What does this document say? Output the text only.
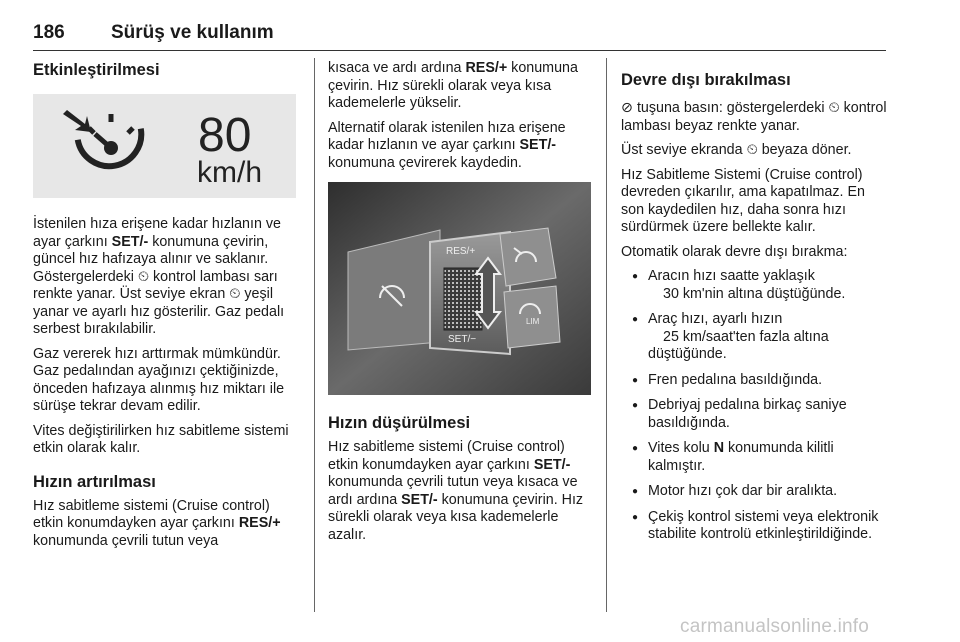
186 Sürüş ve kullanım
Etkinleştirilmesi
80
km/h

İstenilen hıza erişene kadar hızlanın ve ayar çarkını SET/- konumuna çevirin, güncel hız hafızaya alınır ve saklanır. Göstergelerdeki ⏲ kontrol lambası sarı renkte yanar. Üst seviye ekran ⏲ yeşil yanar ve ayarlı hız gösterilir. Gaz pedalı serbest bırakılabilir.

Gaz vererek hızı arttırmak mümkündür. Gaz pedalından ayağınızı çektiğinizde, önceden hafızaya alınmış hız miktarı ile sürüşe tekrar devam edilir.

Vites değiştirilirken hız sabitleme sistemi etkin olarak kalır.

Hızın artırılması

Hız sabitleme sistemi (Cruise control) etkin konumdayken ayar çarkını RES/+ konumunda çevrili tutun veya

kısaca ve ardı ardına RES/+ konumuna çevirin. Hız sürekli olarak veya kısa kademelerle yükselir.

Alternatif olarak istenilen hıza erişene kadar hızlanın ve ayar çarkını SET/- konumuna çevirerek kaydedin.

RES/+
SET/−
LIM
Hızın düşürülmesi

Hız sabitleme sistemi (Cruise control) etkin konumdayken ayar çarkını SET/- konumunda çevrili tutun veya kısaca ve ardı ardına SET/- konumuna çevirin. Hız sürekli olarak veya kısa kademelerle azalır.

Devre dışı bırakılması

⊘ tuşuna basın: göstergelerdeki ⏲ kontrol lambası beyaz renkte yanar.

Üst seviye ekranda ⏲ beyaza döner.

Hız Sabitleme Sistemi (Cruise control) devreden çıkarılır, ama kapatılmaz. En son kaydedilen hız, daha sonra hızı sürdürmek üzere bellekte kalır.

Otomatik olarak devre dışı bırakma:

● Aracın hızı saatte yaklaşık
30 km'nin altına düştüğünde.
● Araç hızı, ayarlı hızın
25 km/saat'ten fazla altına
düştüğünde.
● Fren pedalına basıldığında.
● Debriyaj pedalına birkaç saniye basıldığında.
● Vites kolu N konumunda kilitli kalmıştır.
● Motor hızı çok dar bir aralıkta.
● Çekiş kontrol sistemi veya elektronik stabilite kontrolü etkinleştirildiğinde.
carmanualsonline.info
